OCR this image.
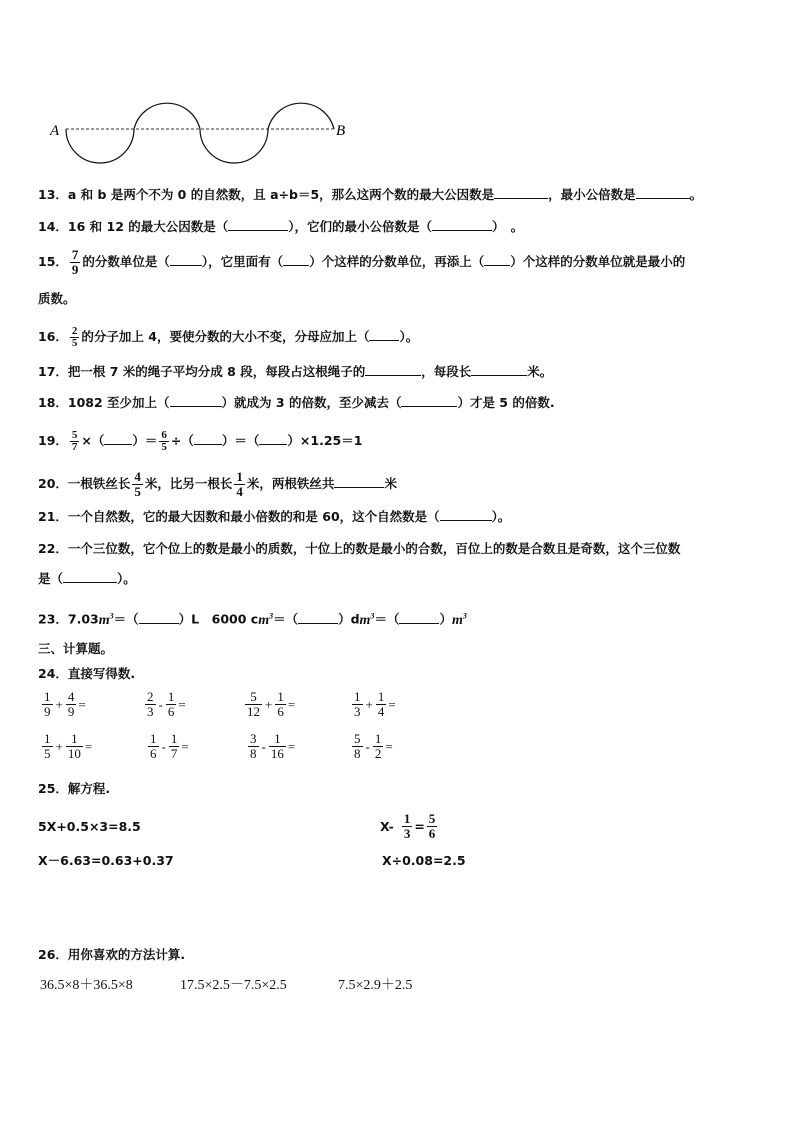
A	B
13．a 和 b 是两个不为 0 的自然数，且 a÷b＝5，那么这两个数的最大公因数是	，最小公倍数是	。
14．16 和 12 的最大公因数是（	），它们的最小公倍数是（	）　。
15． $\frac{7}{9}$ 的分数单位是（	），它里面有（ ）个这样的分数单位，再添上（ ）个这样的分数单位就是最小的
质数。
16． $\frac{2}{5}$ 的分子加上 4，要使分数的大小不变，分母应加上（ ）。
17．把一根 7 米的绳子平均分成 8 段，每段占这根绳子的	，每段长	米。
18．1082 至少加上（	）就成为 3 的倍数，至少减去（	）才是 5 的倍数.
19． $\frac{5}{7}$ ×（ ）＝ $\frac{6}{5}$ ÷（ ）＝（ ）×1.25＝1
20．一根铁丝长 $\frac{4}{5}$ 米，比另一根长 $\frac{1}{4}$ 米，两根铁丝共	米
21．一个自然数，它的最大因数和最小倍数的和是 60，这个自然数是（	）。
22．一个三位数，它个位上的数是最小的质数，十位上的数是最小的合数，百位上的数是合数且是奇数，这个三位数
是（	）。
23．$7.03m^3=$（	）L　6000 $cm^3=$（	）$dm^3=$（	）$m^3$
三、计算题。
24．直接写得数.
$\frac{1}{9} + \frac{4}{9}$ =	$\frac{2}{3} - \frac{1}{6}$ =	$\frac{5}{12} + \frac{1}{6}$ =	$\frac{1}{3} + \frac{1}{4}$ =
$\frac{1}{5} + \frac{1}{10}$ =	$\frac{1}{6} - \frac{1}{7}$ =	$\frac{3}{8} - \frac{1}{16}$ =	$\frac{5}{8} - \frac{1}{2}$ =
25．解方程.
5X+0.5×3=8.5	$X- \frac{1}{3} = \frac{5}{6}$
X－6.63=0.63+0.37	X÷0.08=2.5
26．用你喜欢的方法计算.
36.5×8＋36.5×8	17.5×2.5－7.5×2.5	7.5×2.9＋2.5
